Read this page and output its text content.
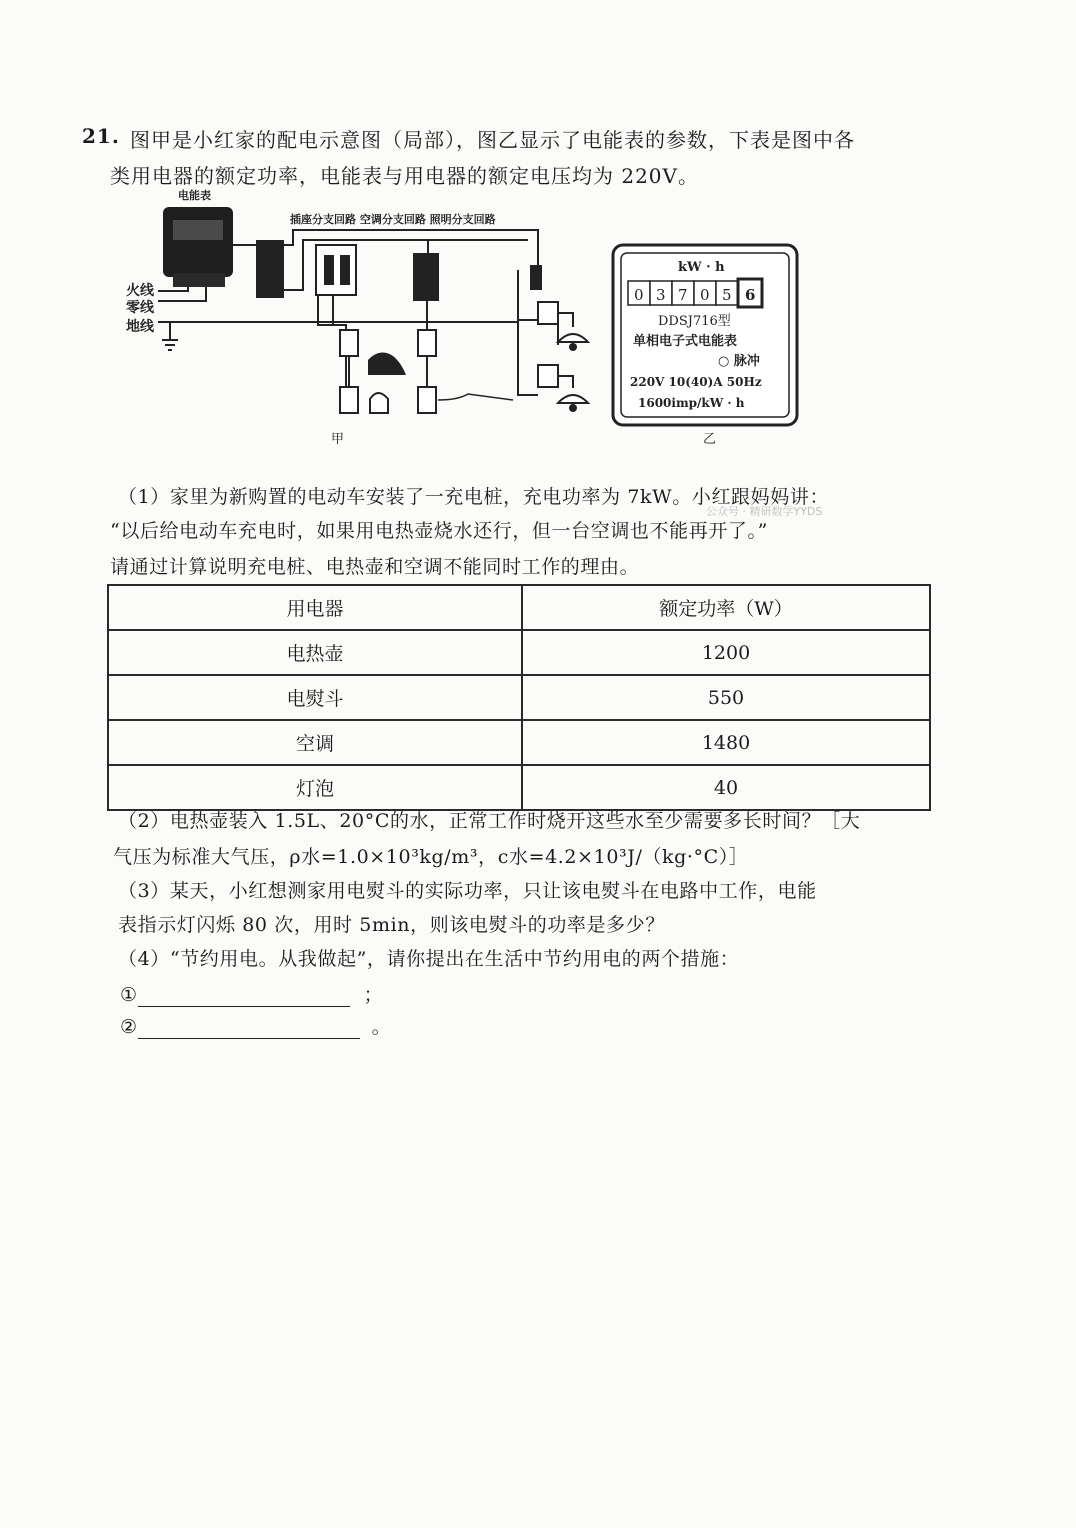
21. 图甲是小红家的配电示意图（局部），图乙显示了电能表的参数，下表是图中各
类用电器的额定功率，电能表与用电器的额定电压均为 220V。
电能表
插座分支回路 空调分支回路 照明分支回路
火线
零线
地线
甲
kW · h
0 3 7 0 5 6
DDSJ716型
单相电子式电能表
○ 脉冲
220V 10(40)A 50Hz
1600imp/kW · h
乙
（1）家里为新购置的电动车安装了一充电桩，充电功率为 7kW。小红跟妈妈讲：
“以后给电动车充电时，如果用电热壶烧水还行，但一台空调也不能再开了。”
请通过计算说明充电桩、电热壶和空调不能同时工作的理由。
公众号 · 精研数学YYDS
用电器	额定功率（W）
电热壶	1200
电熨斗	550
空调	1480
灯泡	40
（2）电热壶装入 1.5L、20°C的水，正常工作时烧开这些水至少需要多长时间？［大
气压为标准大气压，ρ水=1.0×10³kg/m³，c水=4.2×10³J/（kg·°C）］
（3）某天，小红想测家用电熨斗的实际功率，只让该电熨斗在电路中工作，电能
表指示灯闪烁 80 次，用时 5min，则该电熨斗的功率是多少？
（4）“节约用电。从我做起”，请你提出在生活中节约用电的两个措施：
①	；
②	。
